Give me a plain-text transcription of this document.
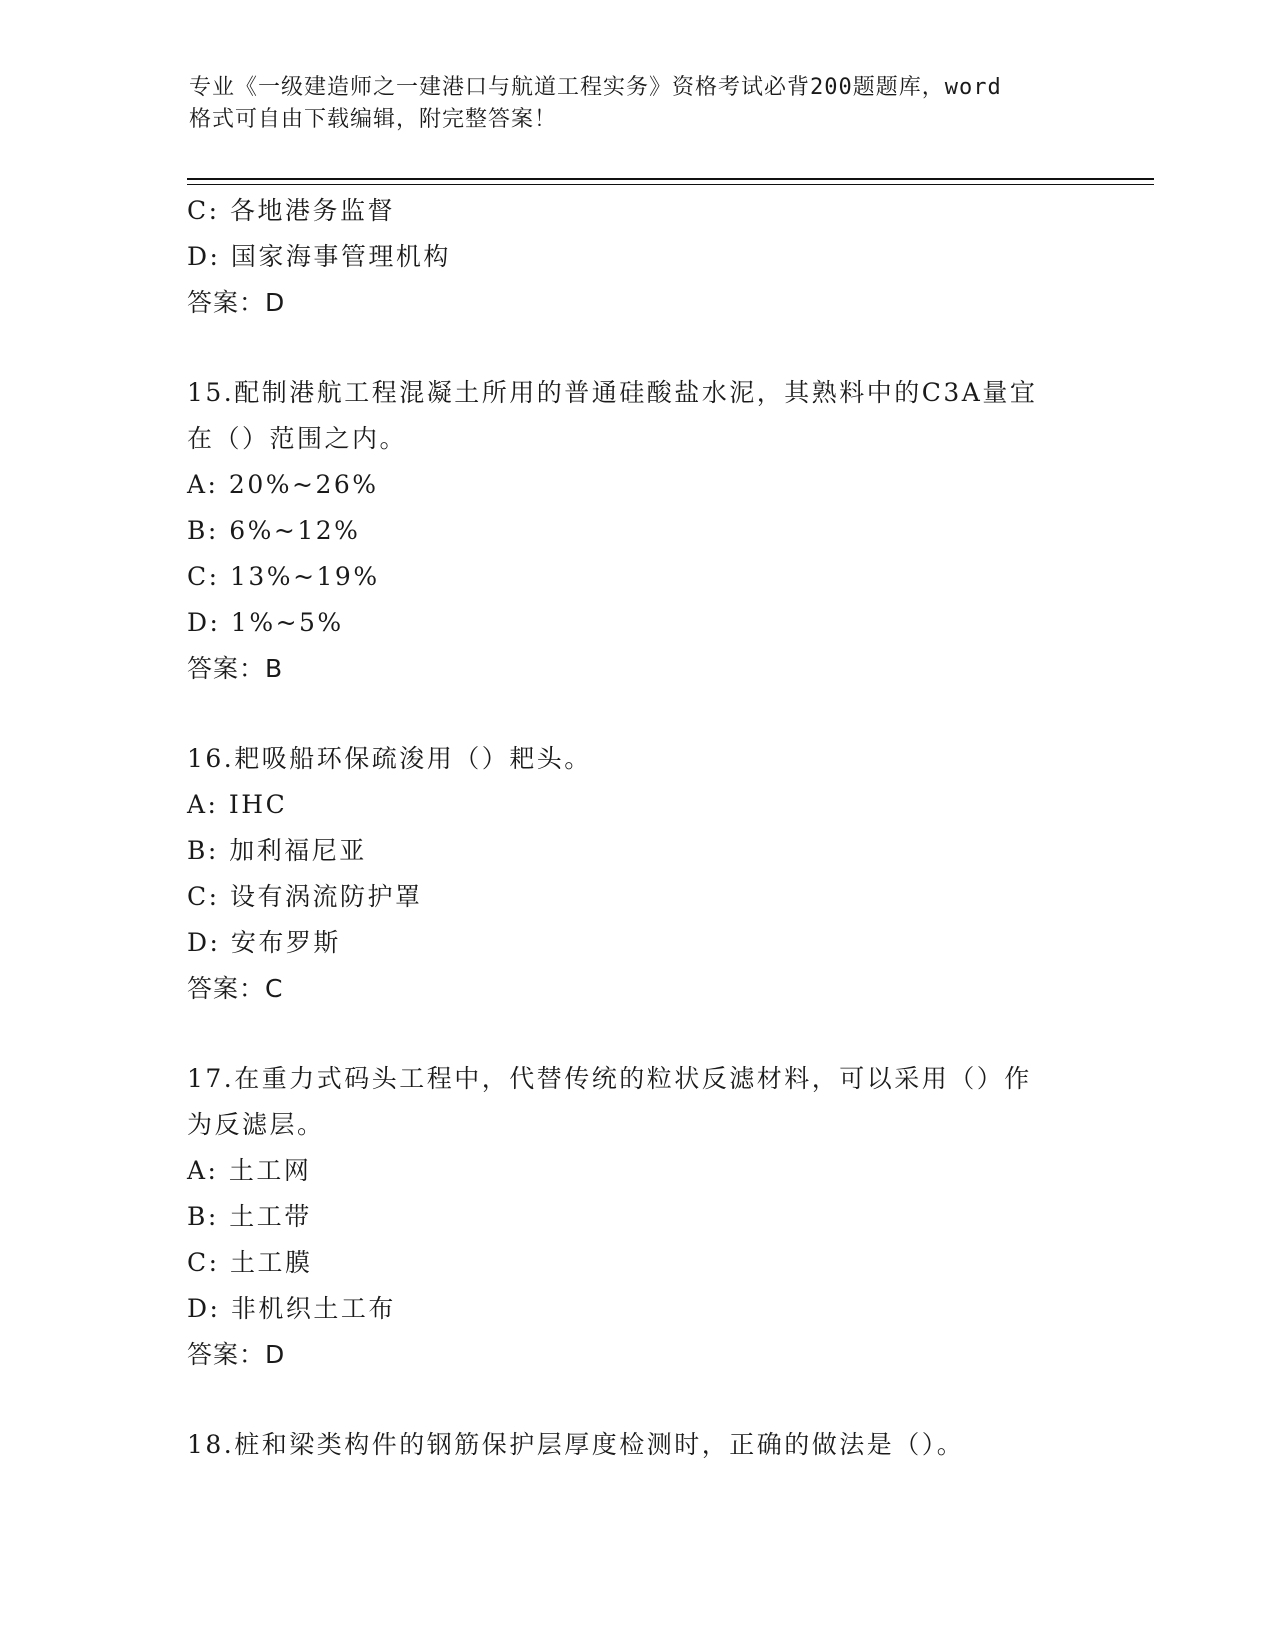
专业《一级建造师之一建港口与航道工程实务》资格考试必背200题题库，word
格式可自由下载编辑，附完整答案！
C: 各地港务监督
D: 国家海事管理机构
答案：D
15.配制港航工程混凝土所用的普通硅酸盐水泥，其熟料中的C3A量宜
在（）范围之内。
A: 20%~26%
B: 6%~12%
C: 13%~19%
D: 1%~5%
答案：B
16.耙吸船环保疏浚用（）耙头。
A: IHC
B: 加利福尼亚
C: 设有涡流防护罩
D: 安布罗斯
答案：C
17.在重力式码头工程中，代替传统的粒状反滤材料，可以采用（）作
为反滤层。
A: 土工网
B: 土工带
C: 土工膜
D: 非机织土工布
答案：D
18.桩和梁类构件的钢筋保护层厚度检测时，正确的做法是（）。
